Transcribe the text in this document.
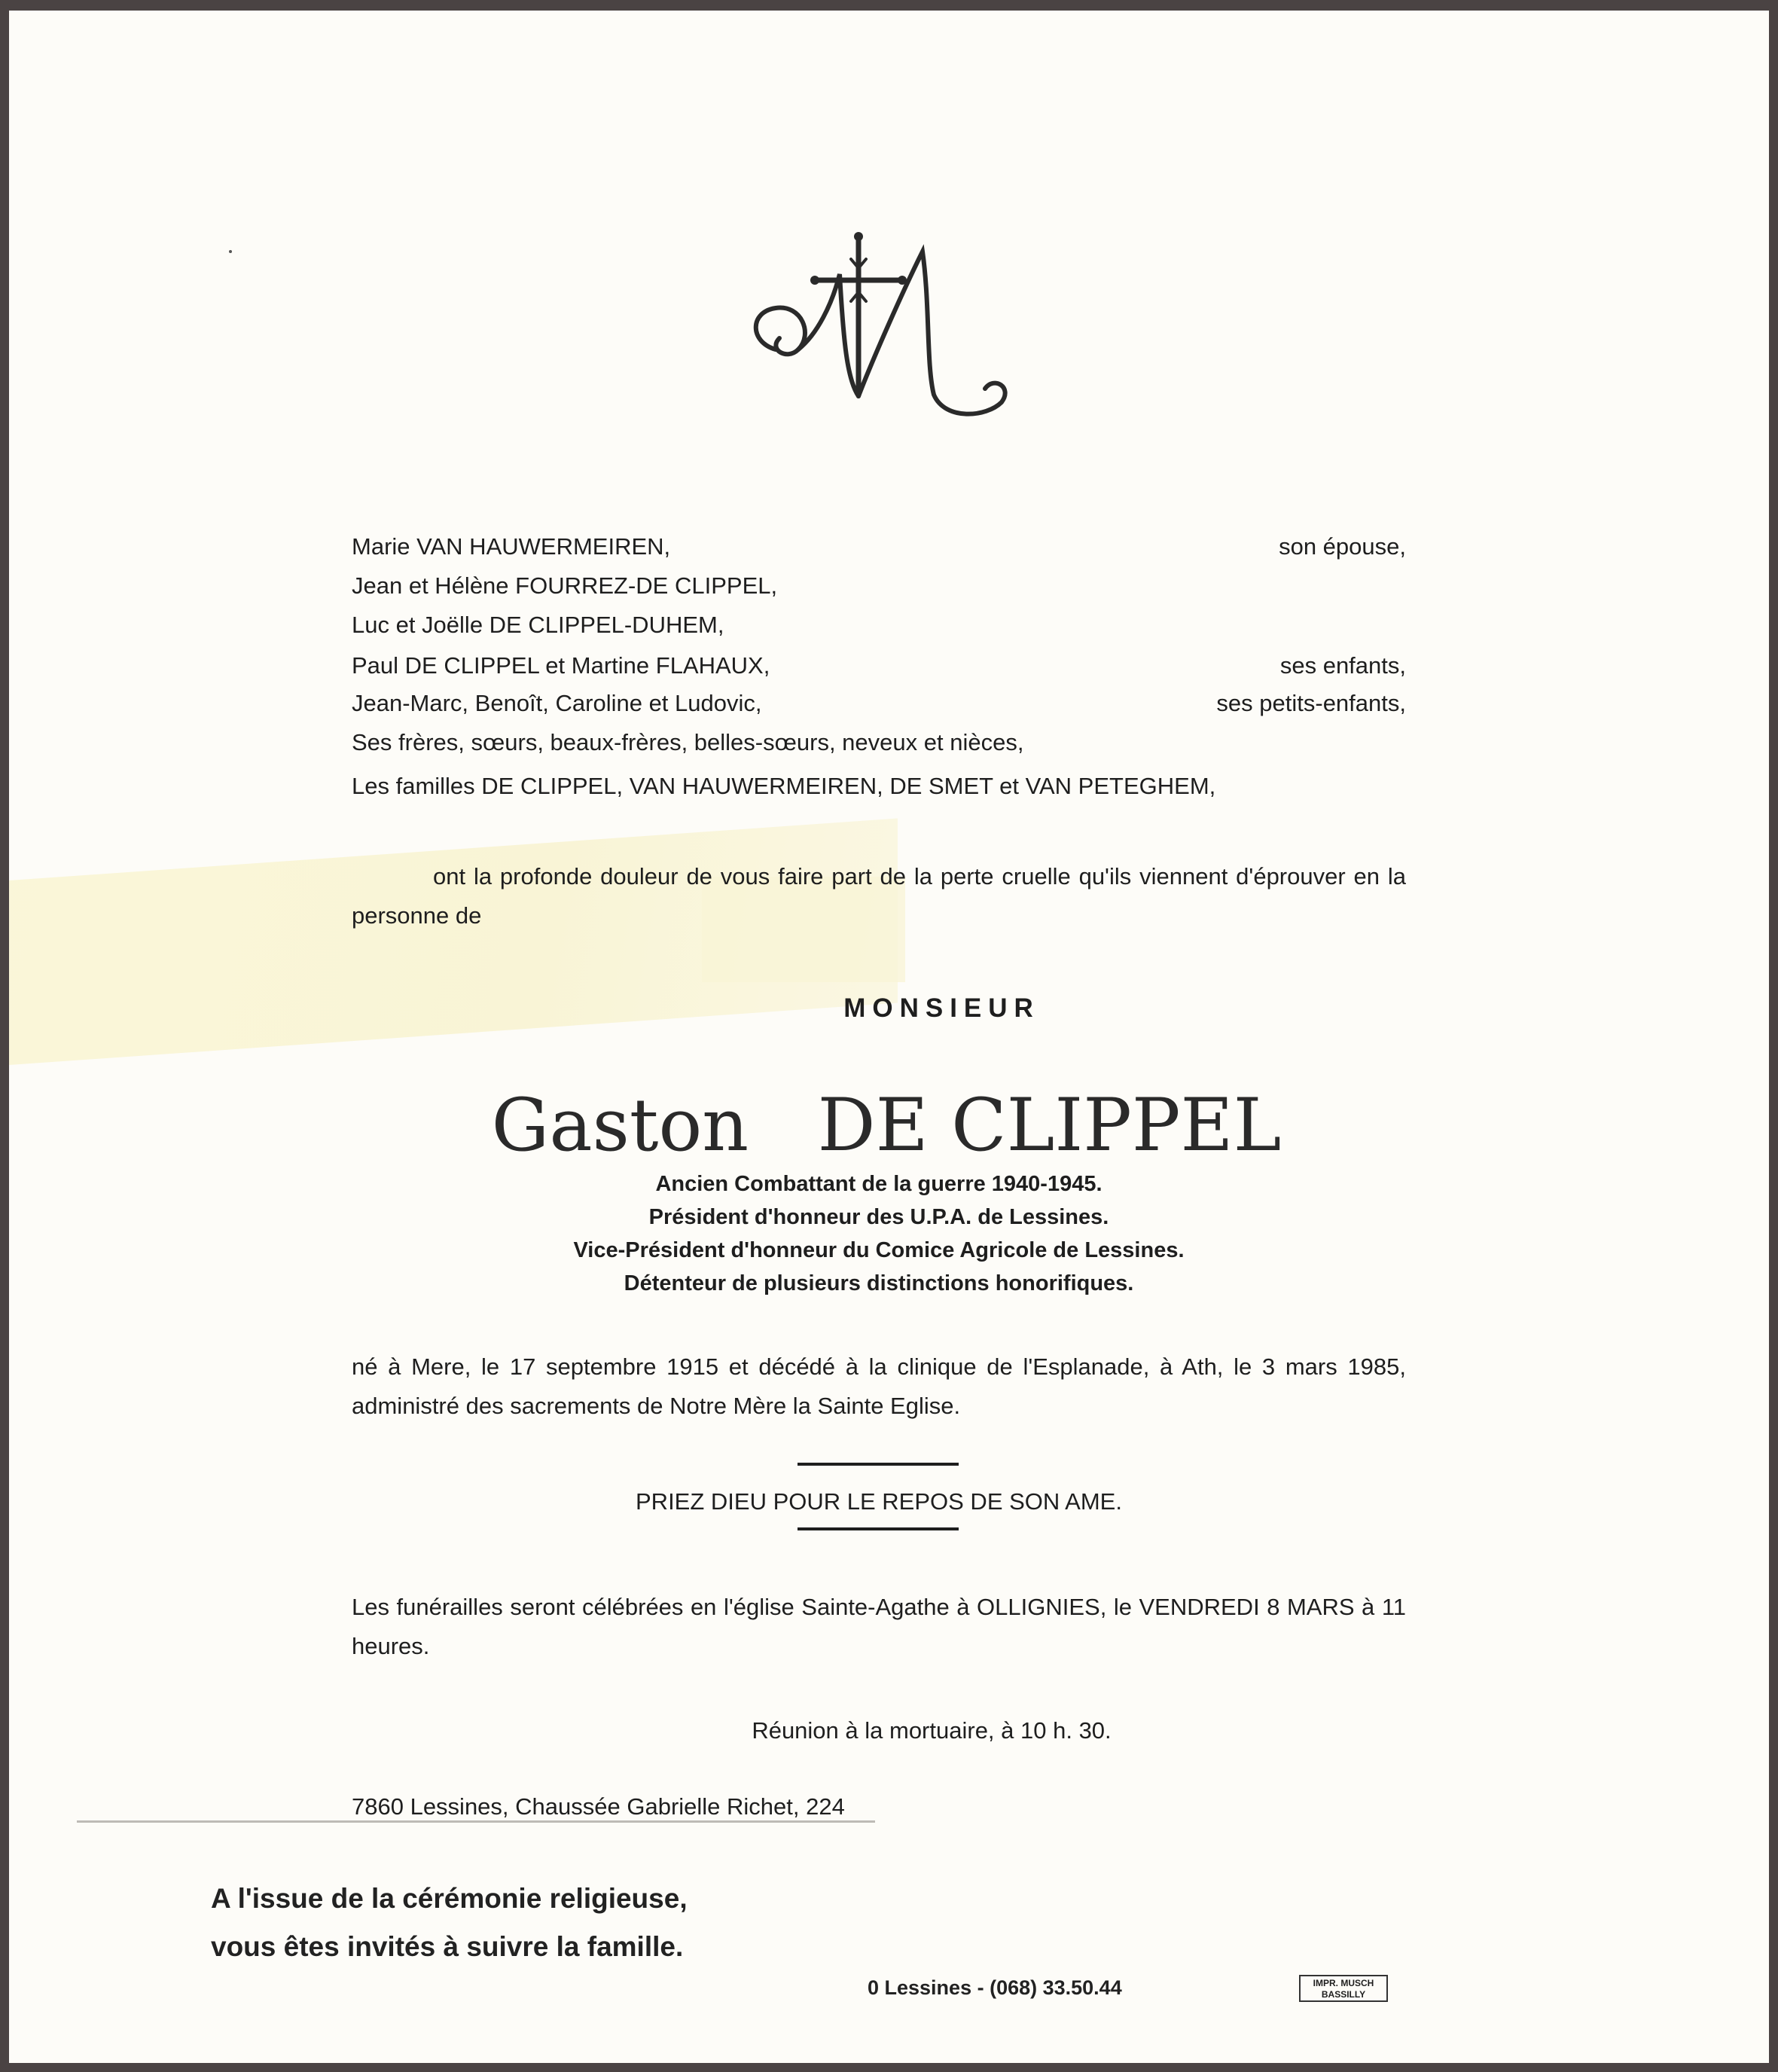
Marie VAN HAUWERMEIREN,	son épouse,
Jean et Hélène FOURREZ-DE CLIPPEL,
Luc et Joëlle DE CLIPPEL-DUHEM,
Paul DE CLIPPEL et Martine FLAHAUX,	ses enfants,
Jean-Marc, Benoît, Caroline et Ludovic,	ses petits-enfants,
Ses frères, sœurs, beaux-frères, belles-sœurs, neveux et nièces,
Les familles DE CLIPPEL, VAN HAUWERMEIREN, DE SMET et VAN PETEGHEM,
ont la profonde douleur de vous faire part de la perte cruelle qu'ils viennent d'éprouver en la personne de
MONSIEUR
Gaston DE CLIPPEL
Ancien Combattant de la guerre 1940-1945.
Président d'honneur des U.P.A. de Lessines.
Vice-Président d'honneur du Comice Agricole de Lessines.
Détenteur de plusieurs distinctions honorifiques.
né à Mere, le 17 septembre 1915 et décédé à la clinique de l'Esplanade, à Ath, le 3 mars 1985, administré des sacrements de Notre Mère la Sainte Eglise.
PRIEZ DIEU POUR LE REPOS DE SON AME.
Les funérailles seront célébrées en l'église Sainte-Agathe à OLLIGNIES, le VENDREDI 8 MARS à 11 heures.
Réunion à la mortuaire, à 10 h. 30.
7860 Lessines, Chaussée Gabrielle Richet, 224
A l'issue de la cérémonie religieuse,
vous êtes invités à suivre la famille.
0 Lessines - (068) 33.50.44	IMPR. MUSCH
BASSILLY
